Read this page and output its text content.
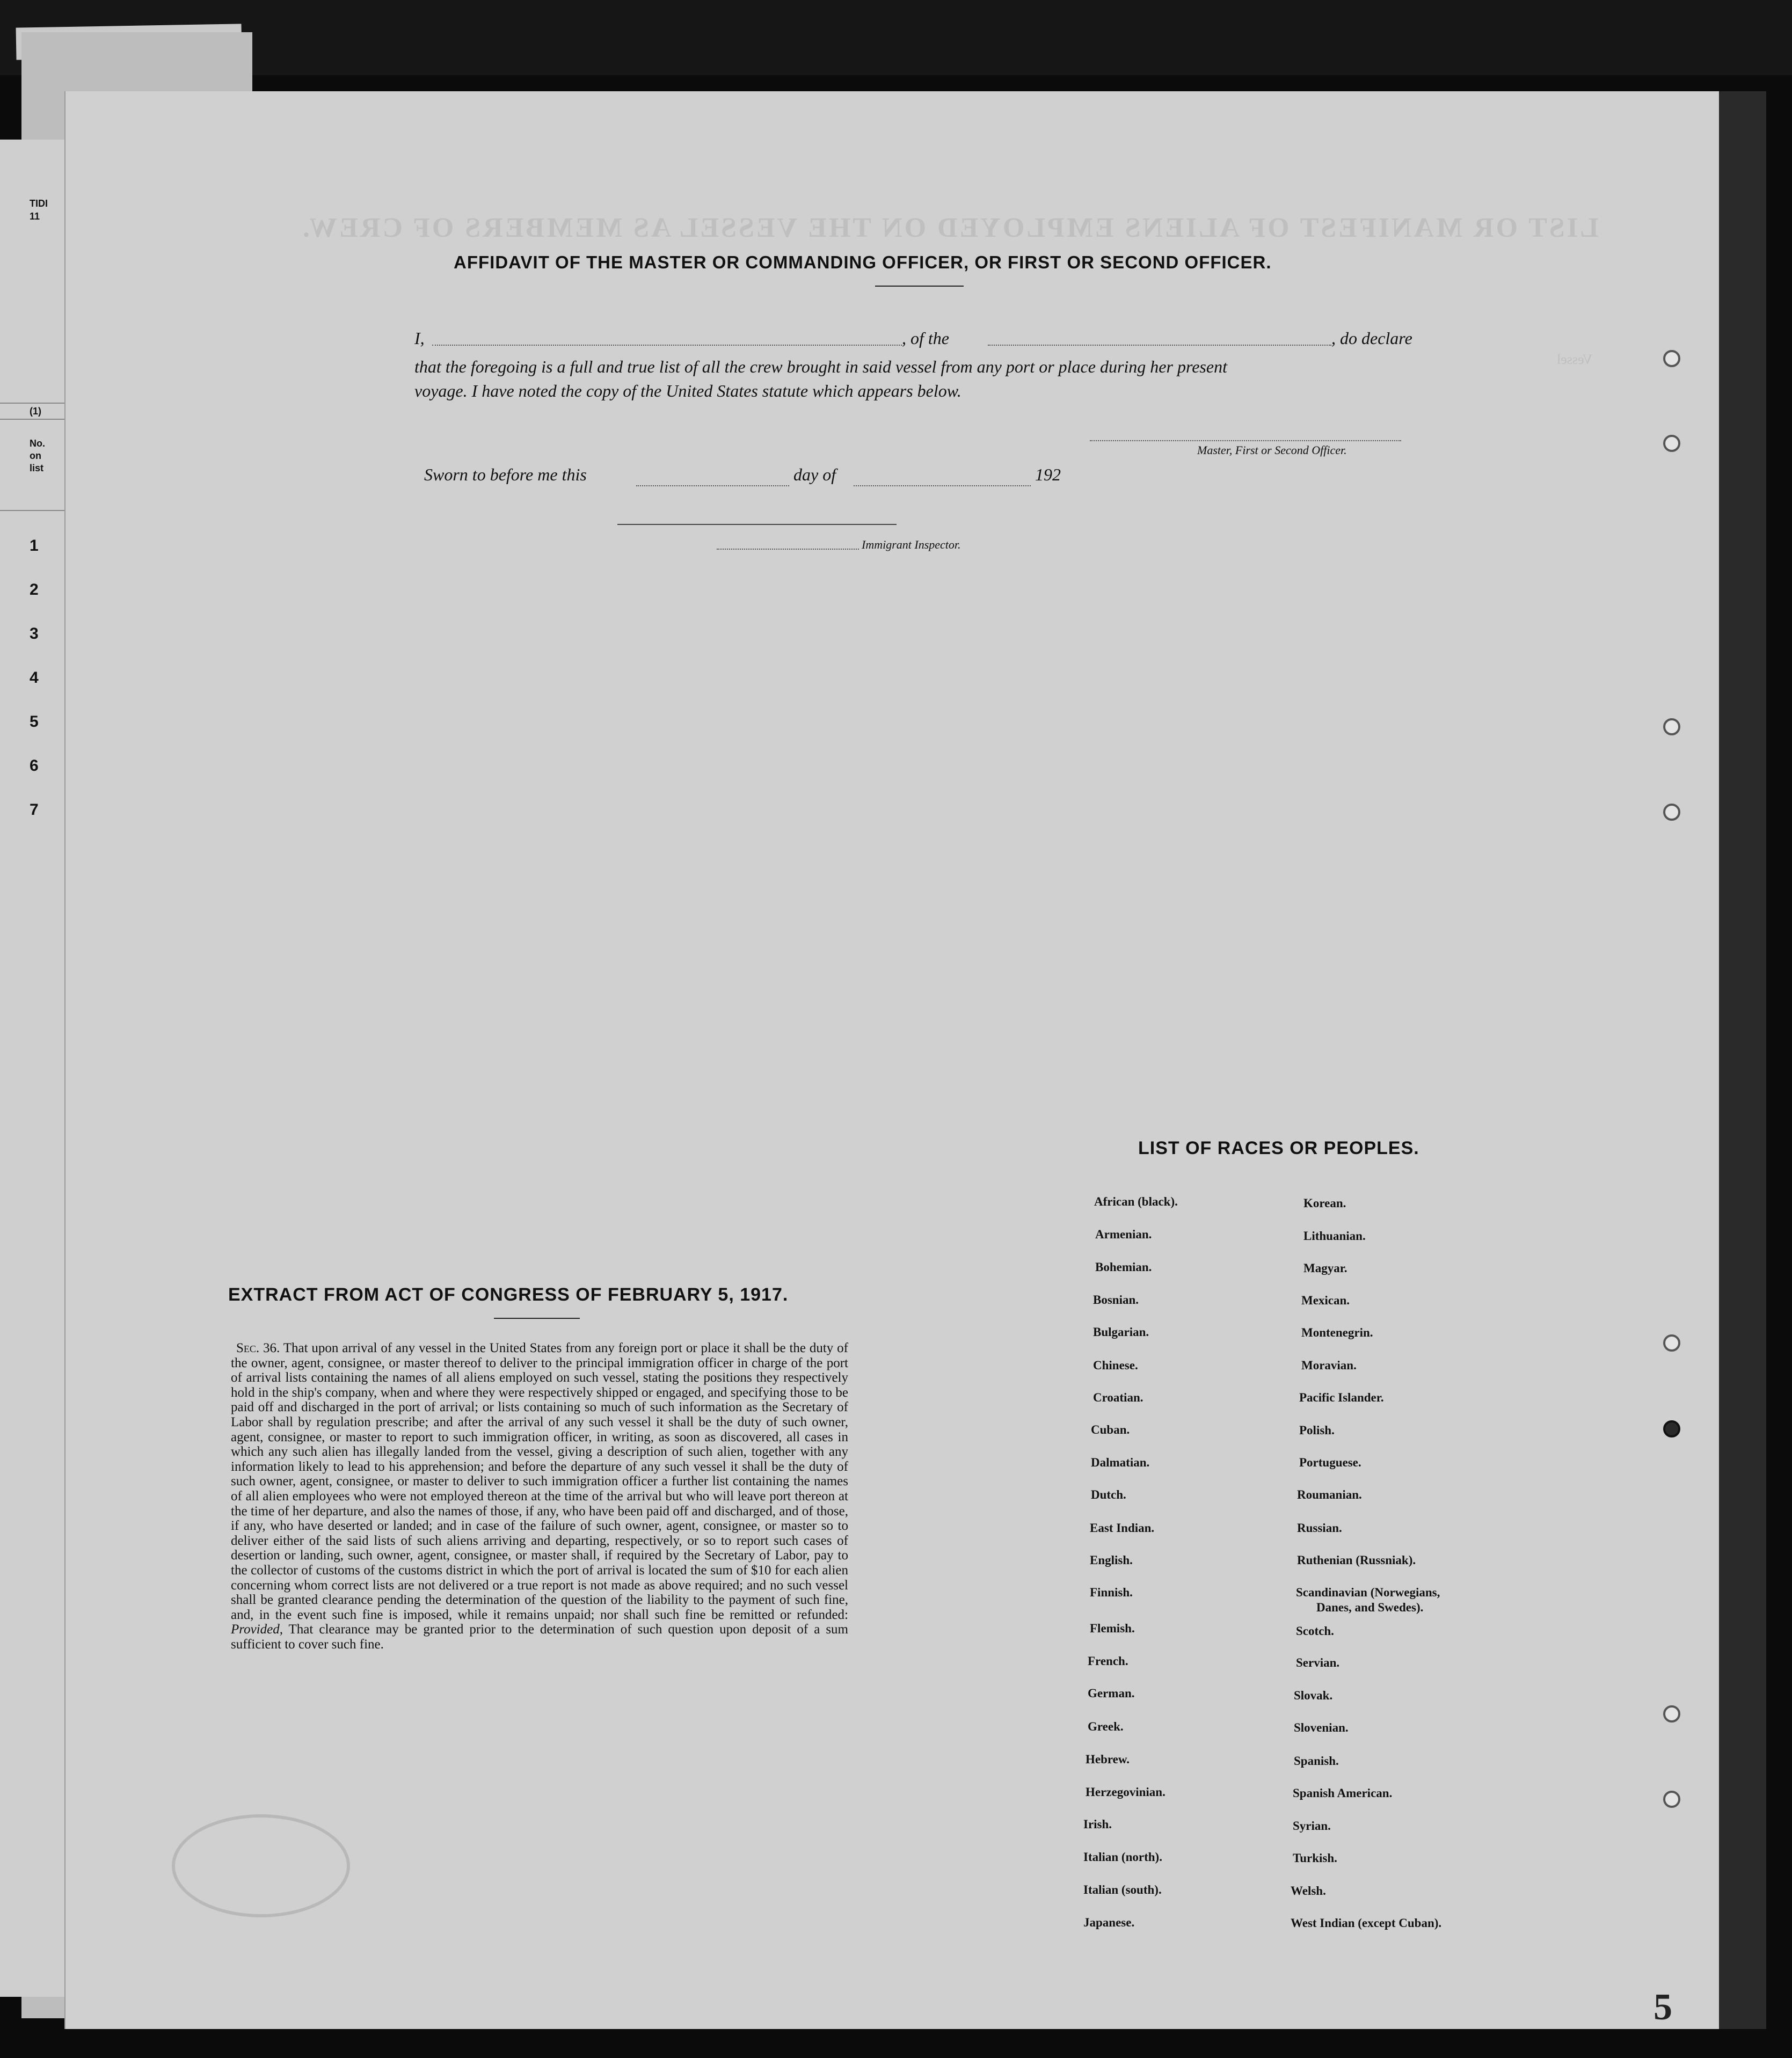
TIDI
11
(1)
No.
on
list
1
2
3
4
5
6
7
LIST OR MANIFEST OF ALIENS EMPLOYED ON THE VESSEL AS MEMBERS OF CREW.
Vessel
AFFIDAVIT OF THE MASTER OR COMMANDING OFFICER, OR FIRST OR SECOND OFFICER.
I,	, of the	, do declare
that the foregoing is a full and true list of all the crew brought in said vessel from any port or place during her present
voyage. I have noted the copy of the United States statute which appears below.
Master, First or Second Officer.
Sworn to before me this	day of	192
Immigrant Inspector.
EXTRACT FROM ACT OF CONGRESS OF FEBRUARY 5, 1917.
Sec. 36. That upon arrival of any vessel in the United States from any foreign port or place it shall be the duty of the owner, agent, consignee, or master thereof to deliver to the principal immigration officer in charge of the port of arrival lists containing the names of all aliens employed on such vessel, stating the positions they respectively hold in the ship's company, when and where they were respectively shipped or engaged, and specifying those to be paid off and discharged in the port of arrival; or lists containing so much of such information as the Secretary of Labor shall by regulation prescribe; and after the arrival of any such vessel it shall be the duty of such owner, agent, consignee, or master to report to such immigration officer, in writing, as soon as discovered, all cases in which any such alien has illegally landed from the vessel, giving a description of such alien, together with any information likely to lead to his apprehension; and before the departure of any such vessel it shall be the duty of such owner, agent, consignee, or master to deliver to such immigration officer a further list containing the names of all alien employees who were not employed thereon at the time of the arrival but who will leave port thereon at the time of her departure, and also the names of those, if any, who have been paid off and discharged, and of those, if any, who have deserted or landed; and in case of the failure of such owner, agent, consignee, or master so to deliver either of the said lists of such aliens arriving and departing, respectively, or so to report such cases of desertion or landing, such owner, agent, consignee, or master shall, if required by the Secretary of Labor, pay to the collector of customs of the customs district in which the port of arrival is located the sum of $10 for each alien concerning whom correct lists are not delivered or a true report is not made as above required; and no such vessel shall be granted clearance pending the determination of the question of the liability to the payment of such fine, and, in the event such fine is imposed, while it remains unpaid; nor shall such fine be remitted or refunded: Provided, That clearance may be granted prior to the determination of such question upon deposit of a sum sufficient to cover such fine.
LIST OF RACES OR PEOPLES.
African (black).
Armenian.
Bohemian.
Bosnian.
Bulgarian.
Chinese.
Croatian.
Cuban.
Dalmatian.
Dutch.
East Indian.
English.
Finnish.
Flemish.
French.
German.
Greek.
Hebrew.
Herzegovinian.
Irish.
Italian (north).
Italian (south).
Japanese.
Korean.
Lithuanian.
Magyar.
Mexican.
Montenegrin.
Moravian.
Pacific Islander.
Polish.
Portuguese.
Roumanian.
Russian.
Ruthenian (Russniak).
Scandinavian (Norwegians,
Danes, and Swedes).
Scotch.
Servian.
Slovak.
Slovenian.
Spanish.
Spanish American.
Syrian.
Turkish.
Welsh.
West Indian (except Cuban).
5
